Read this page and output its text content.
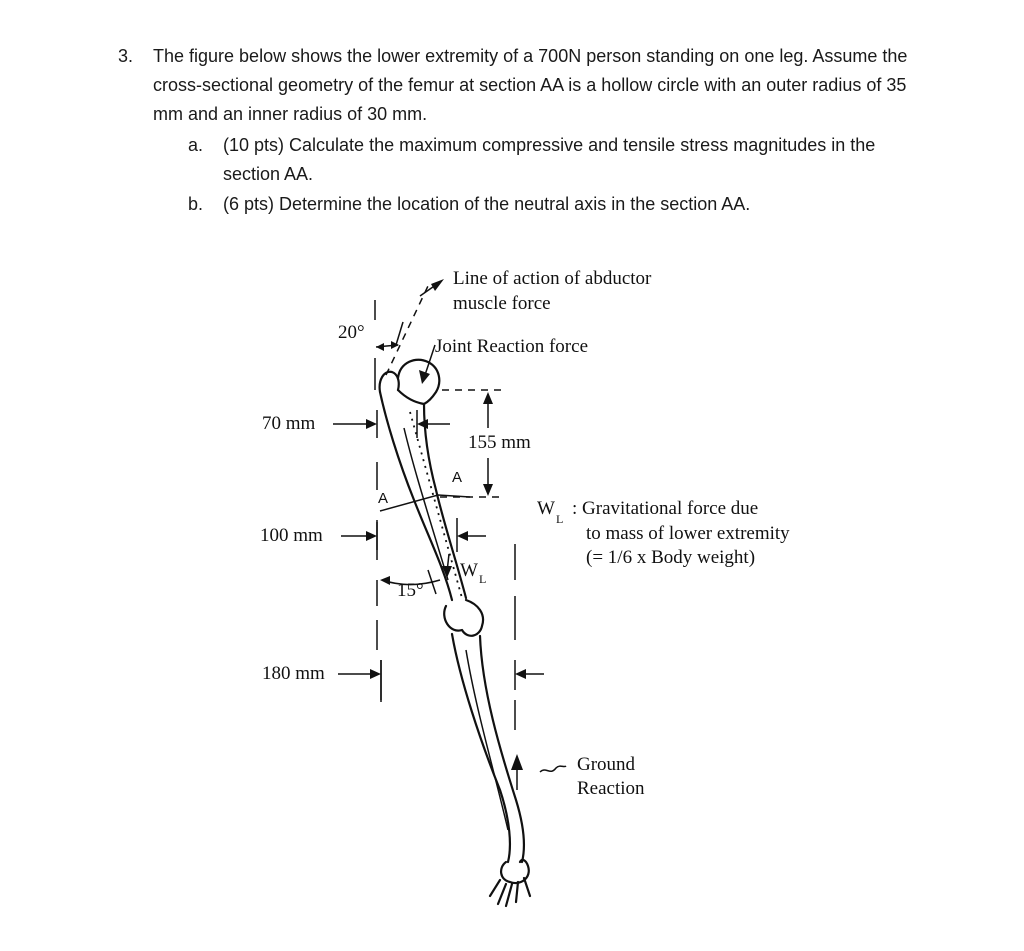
3. The figure below shows the lower extremity of a 700N person standing on one leg. Assume the
cross-sectional geometry of the femur at section AA is a hollow circle with an outer radius of 35
mm and an inner radius of 30 mm.
a. (10 pts) Calculate the maximum compressive and tensile stress magnitudes in the
section AA.
b. (6 pts) Determine the location of the neutral axis in the section AA.
Line of action of abductor
muscle force
Joint Reaction force
20°
70 mm
100 mm
180 mm
155 mm
15°
A
A
W L
W L : Gravitational force due
to mass of lower extremity
(= 1/6 x Body weight)
Ground
Reaction
